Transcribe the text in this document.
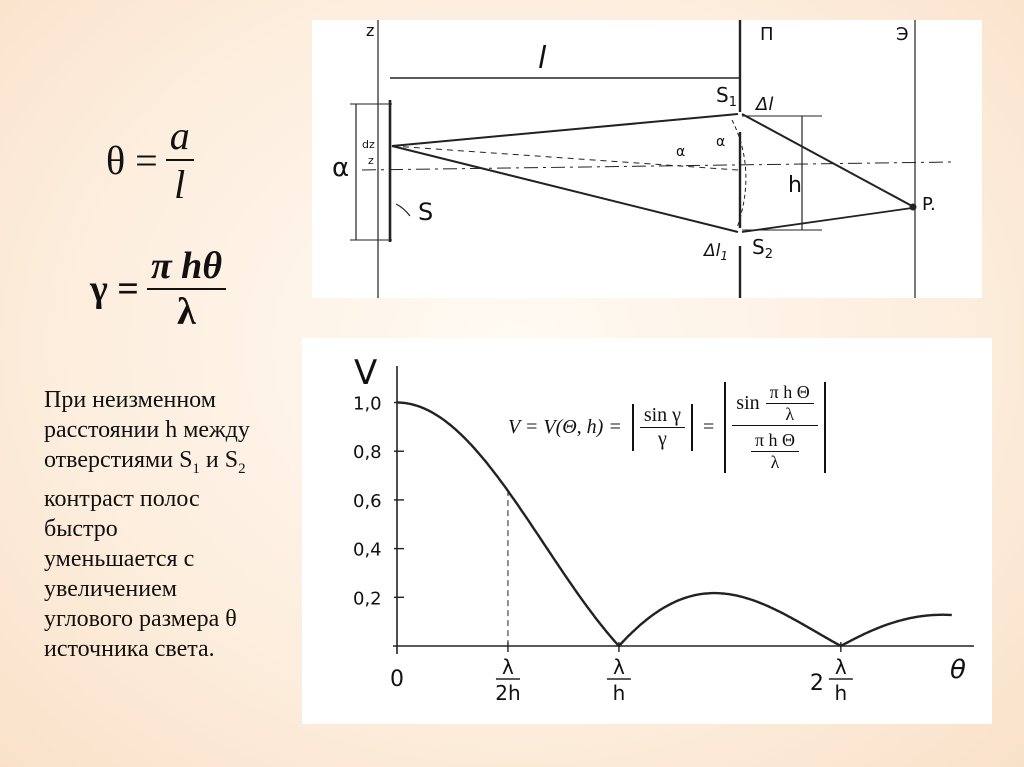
$\theta = \frac{a}{l}$
$\gamma = \frac{\text{π hθ}}{\lambda}$
При неизменном
расстоянии h между
отверстиями $S_1$ и $S_2$
контраст полос
быстро
уменьшается с
увеличением
углового размера θ
источника света.
z	П	Э
l
$S_1$ Δl
$\Delta l_1$ $S_2$
α
dz
z
α
α
h
P.
S
1,0
0,8
0,6
0,4
0,2
λ
2h
λ
h
λ
h
2
V
θ
0
V = V(Θ, $h) = \frac{\text{sin γ}}{\gamma} = \frac{\sin \frac{\text{π h Θ}}{\lambda}}{\frac{\text{π h Θ}}{\lambda}}$
